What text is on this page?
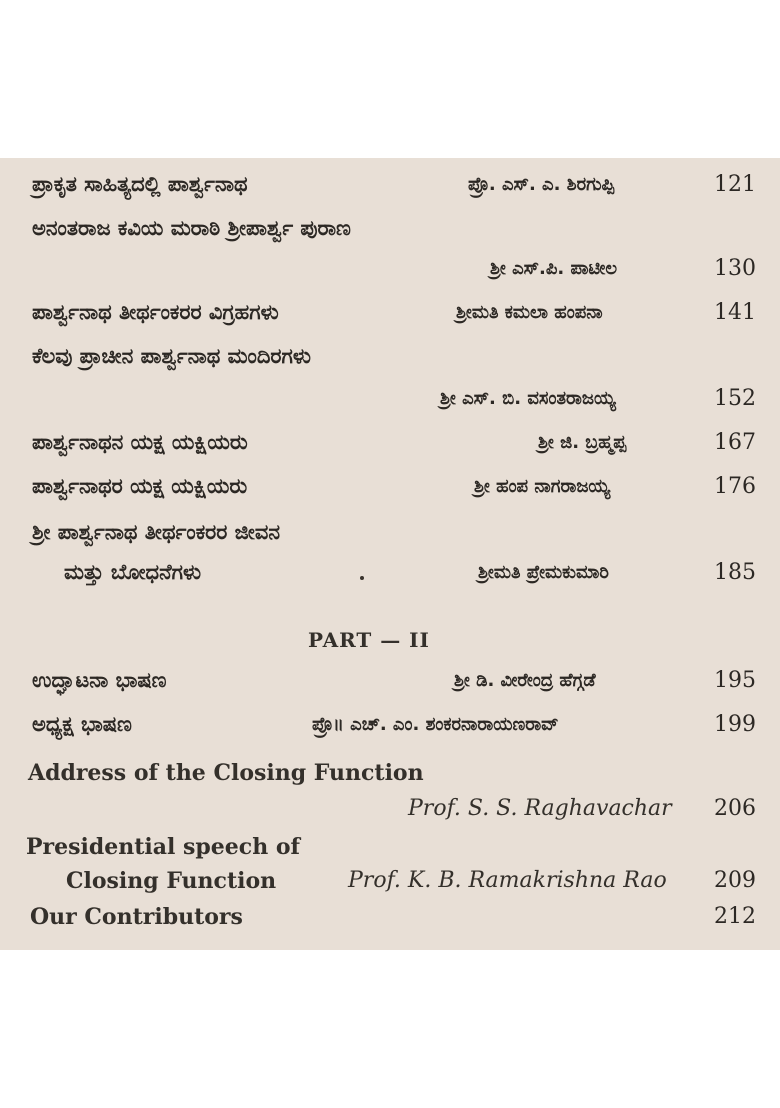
ಪ್ರಾಕೃತ ಸಾಹಿತ್ಯದಲ್ಲಿ ಪಾರ್ಶ್ವನಾಥ	ಪ್ರೊ. ಎಸ್. ಎ. ಶಿರಗುಪ್ಪಿ	121
ಅನಂತರಾಜ ಕವಿಯ ಮರಾಠಿ ಶ್ರೀಪಾರ್ಶ್ವ ಪುರಾಣ
ಶ್ರೀ ಎಸ್.ಪಿ. ಪಾಟೀಲ	130
ಪಾರ್ಶ್ವನಾಥ ತೀರ್ಥಂಕರರ ವಿಗ್ರಹಗಳು	ಶ್ರೀಮತಿ ಕಮಲಾ ಹಂಪನಾ	141
ಕೆಲವು ಪ್ರಾಚೀನ ಪಾರ್ಶ್ವನಾಥ ಮಂದಿರಗಳು
ಶ್ರೀ ಎಸ್. ಬಿ. ವಸಂತರಾಜಯ್ಯ	152
ಪಾರ್ಶ್ವನಾಥನ ಯಕ್ಷ ಯಕ್ಷಿಯರು	ಶ್ರೀ ಜಿ. ಬ್ರಹ್ಮಪ್ಪ	167
ಪಾರ್ಶ್ವನಾಥರ ಯಕ್ಷ ಯಕ್ಷಿಯರು	ಶ್ರೀ ಹಂಪ ನಾಗರಾಜಯ್ಯ	176
ಶ್ರೀ ಪಾರ್ಶ್ವನಾಥ ತೀರ್ಥಂಕರರ ಜೀವನ
ಮತ್ತು ಬೋಧನೆಗಳು	ಶ್ರೀಮತಿ ಪ್ರೇಮಕುಮಾರಿ	185
PART — II
ಉದ್ಘಾಟನಾ ಭಾಷಣ	ಶ್ರೀ ಡಿ. ವೀರೇಂದ್ರ ಹೆಗ್ಗಡೆ	195
ಅಧ್ಯಕ್ಷ ಭಾಷಣ	ಪ್ರೊ॥ ಎಚ್. ಎಂ. ಶಂಕರನಾರಾಯಣರಾವ್	199
Address of the Closing Function
Prof. S. S. Raghavachar 206
Presidential speech of
Closing Function	Prof. K. B. Ramakrishna Rao 209
Our Contributors	212
